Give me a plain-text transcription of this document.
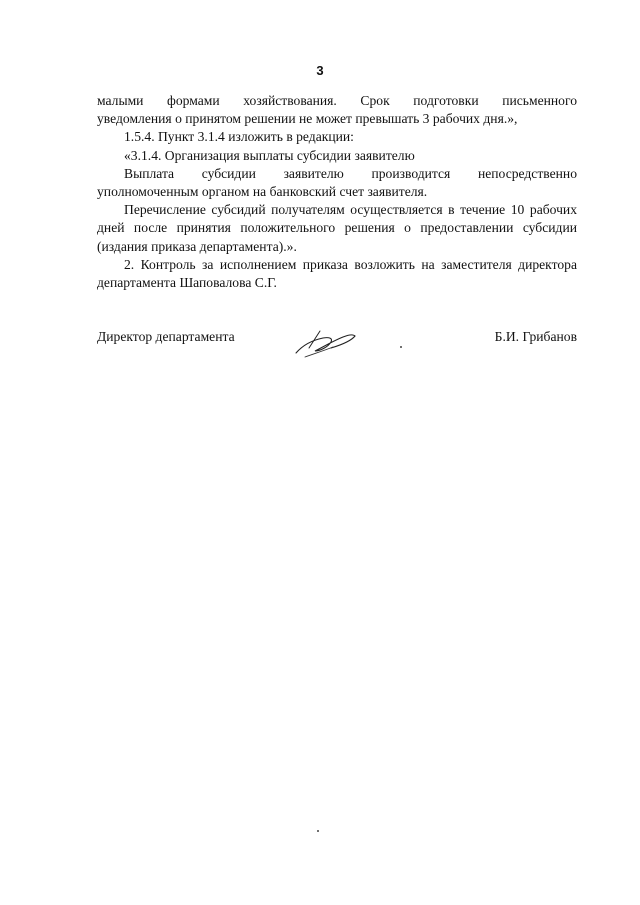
3

малыми формами хозяйствования. Срок подготовки письменного

уведомления о принятом решении не может превышать 3 рабочих дня.»,

1.5.4. Пункт 3.1.4 изложить в редакции:

«3.1.4. Организация выплаты субсидии заявителю

Выплата субсидии заявителю производится непосредственно уполномоченным органом на банковский счет заявителя.

Перечисление субсидий получателям осуществляется в течение 10 рабочих дней после принятия положительного решения о предоставлении субсидии (издания приказа департамента).».

2. Контроль за исполнением приказа возложить на заместителя директора департамента Шаповалова С.Г.

Директор департамента	Б.И. Грибанов
